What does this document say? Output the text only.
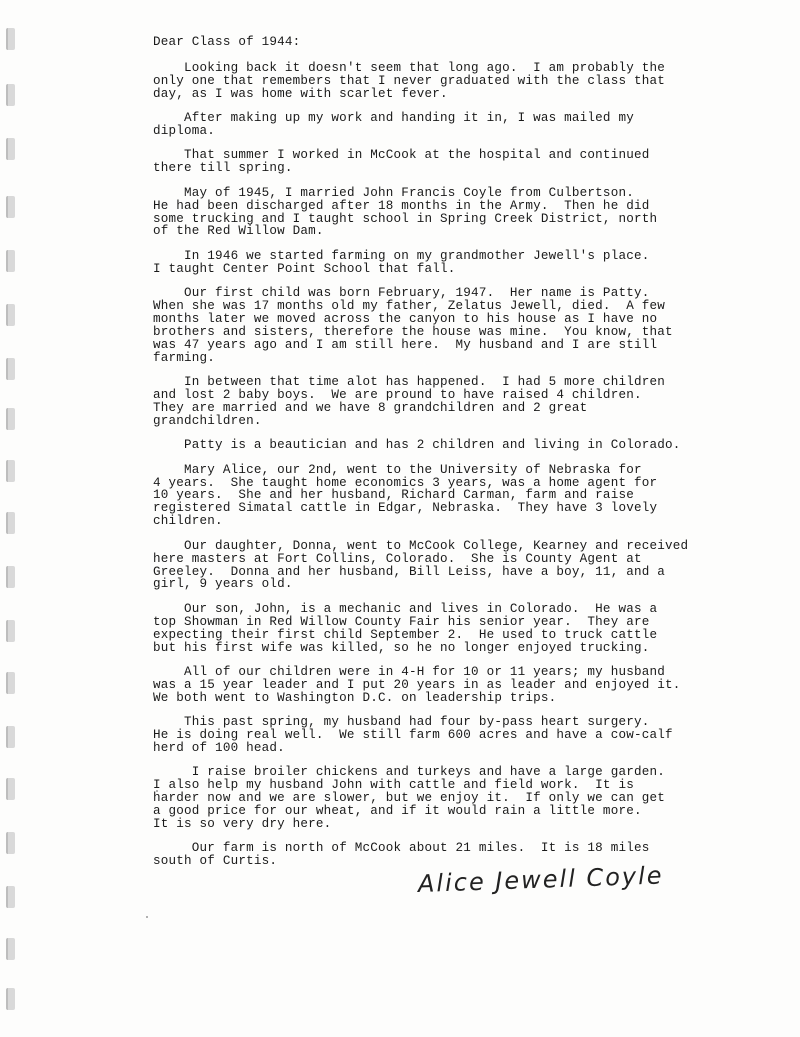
Dear Class of 1944:
Looking back it doesn't seem that long ago.  I am probably the
only one that remembers that I never graduated with the class that
day, as I was home with scarlet fever.
After making up my work and handing it in, I was mailed my
diploma.
That summer I worked in McCook at the hospital and continued
there till spring.
May of 1945, I married John Francis Coyle from Culbertson.
He had been discharged after 18 months in the Army.  Then he did
some trucking and I taught school in Spring Creek District, north
of the Red Willow Dam.
In 1946 we started farming on my grandmother Jewell's place.
I taught Center Point School that fall.
Our first child was born February, 1947.  Her name is Patty.
When she was 17 months old my father, Zelatus Jewell, died.  A few
months later we moved across the canyon to his house as I have no
brothers and sisters, therefore the house was mine.  You know, that
was 47 years ago and I am still here.  My husband and I are still
farming.
In between that time alot has happened.  I had 5 more children
and lost 2 baby boys.  We are pround to have raised 4 children.
They are married and we have 8 grandchildren and 2 great grandchildren.
Patty is a beautician and has 2 children and living in Colorado.
Mary Alice, our 2nd, went to the University of Nebraska for
4 years.  She taught home economics 3 years, was a home agent for
10 years.  She and her husband, Richard Carman, farm and raise
registered Simatal cattle in Edgar, Nebraska.  They have 3 lovely
children.
Our daughter, Donna, went to McCook College, Kearney and received
here masters at Fort Collins, Colorado.  She is County Agent at
Greeley.  Donna and her husband, Bill Leiss, have a boy, 11, and a
girl, 9 years old.
Our son, John, is a mechanic and lives in Colorado.  He was a
top Showman in Red Willow County Fair his senior year.  They are
expecting their first child September 2.  He used to truck cattle
but his first wife was killed, so he no longer enjoyed trucking.
All of our children were in 4-H for 10 or 11 years; my husband
was a 15 year leader and I put 20 years in as leader and enjoyed it.
We both went to Washington D.C. on leadership trips.
This past spring, my husband had four by-pass heart surgery.
He is doing real well.  We still farm 600 acres and have a cow-calf
herd of 100 head.
I raise broiler chickens and turkeys and have a large garden.
I also help my husband John with cattle and field work.  It is
harder now and we are slower, but we enjoy it.  If only we can get
a good price for our wheat, and if it would rain a little more.
It is so very dry here.
Our farm is north of McCook about 21 miles.  It is 18 miles
south of Curtis.
Alice Jewell Coyle
